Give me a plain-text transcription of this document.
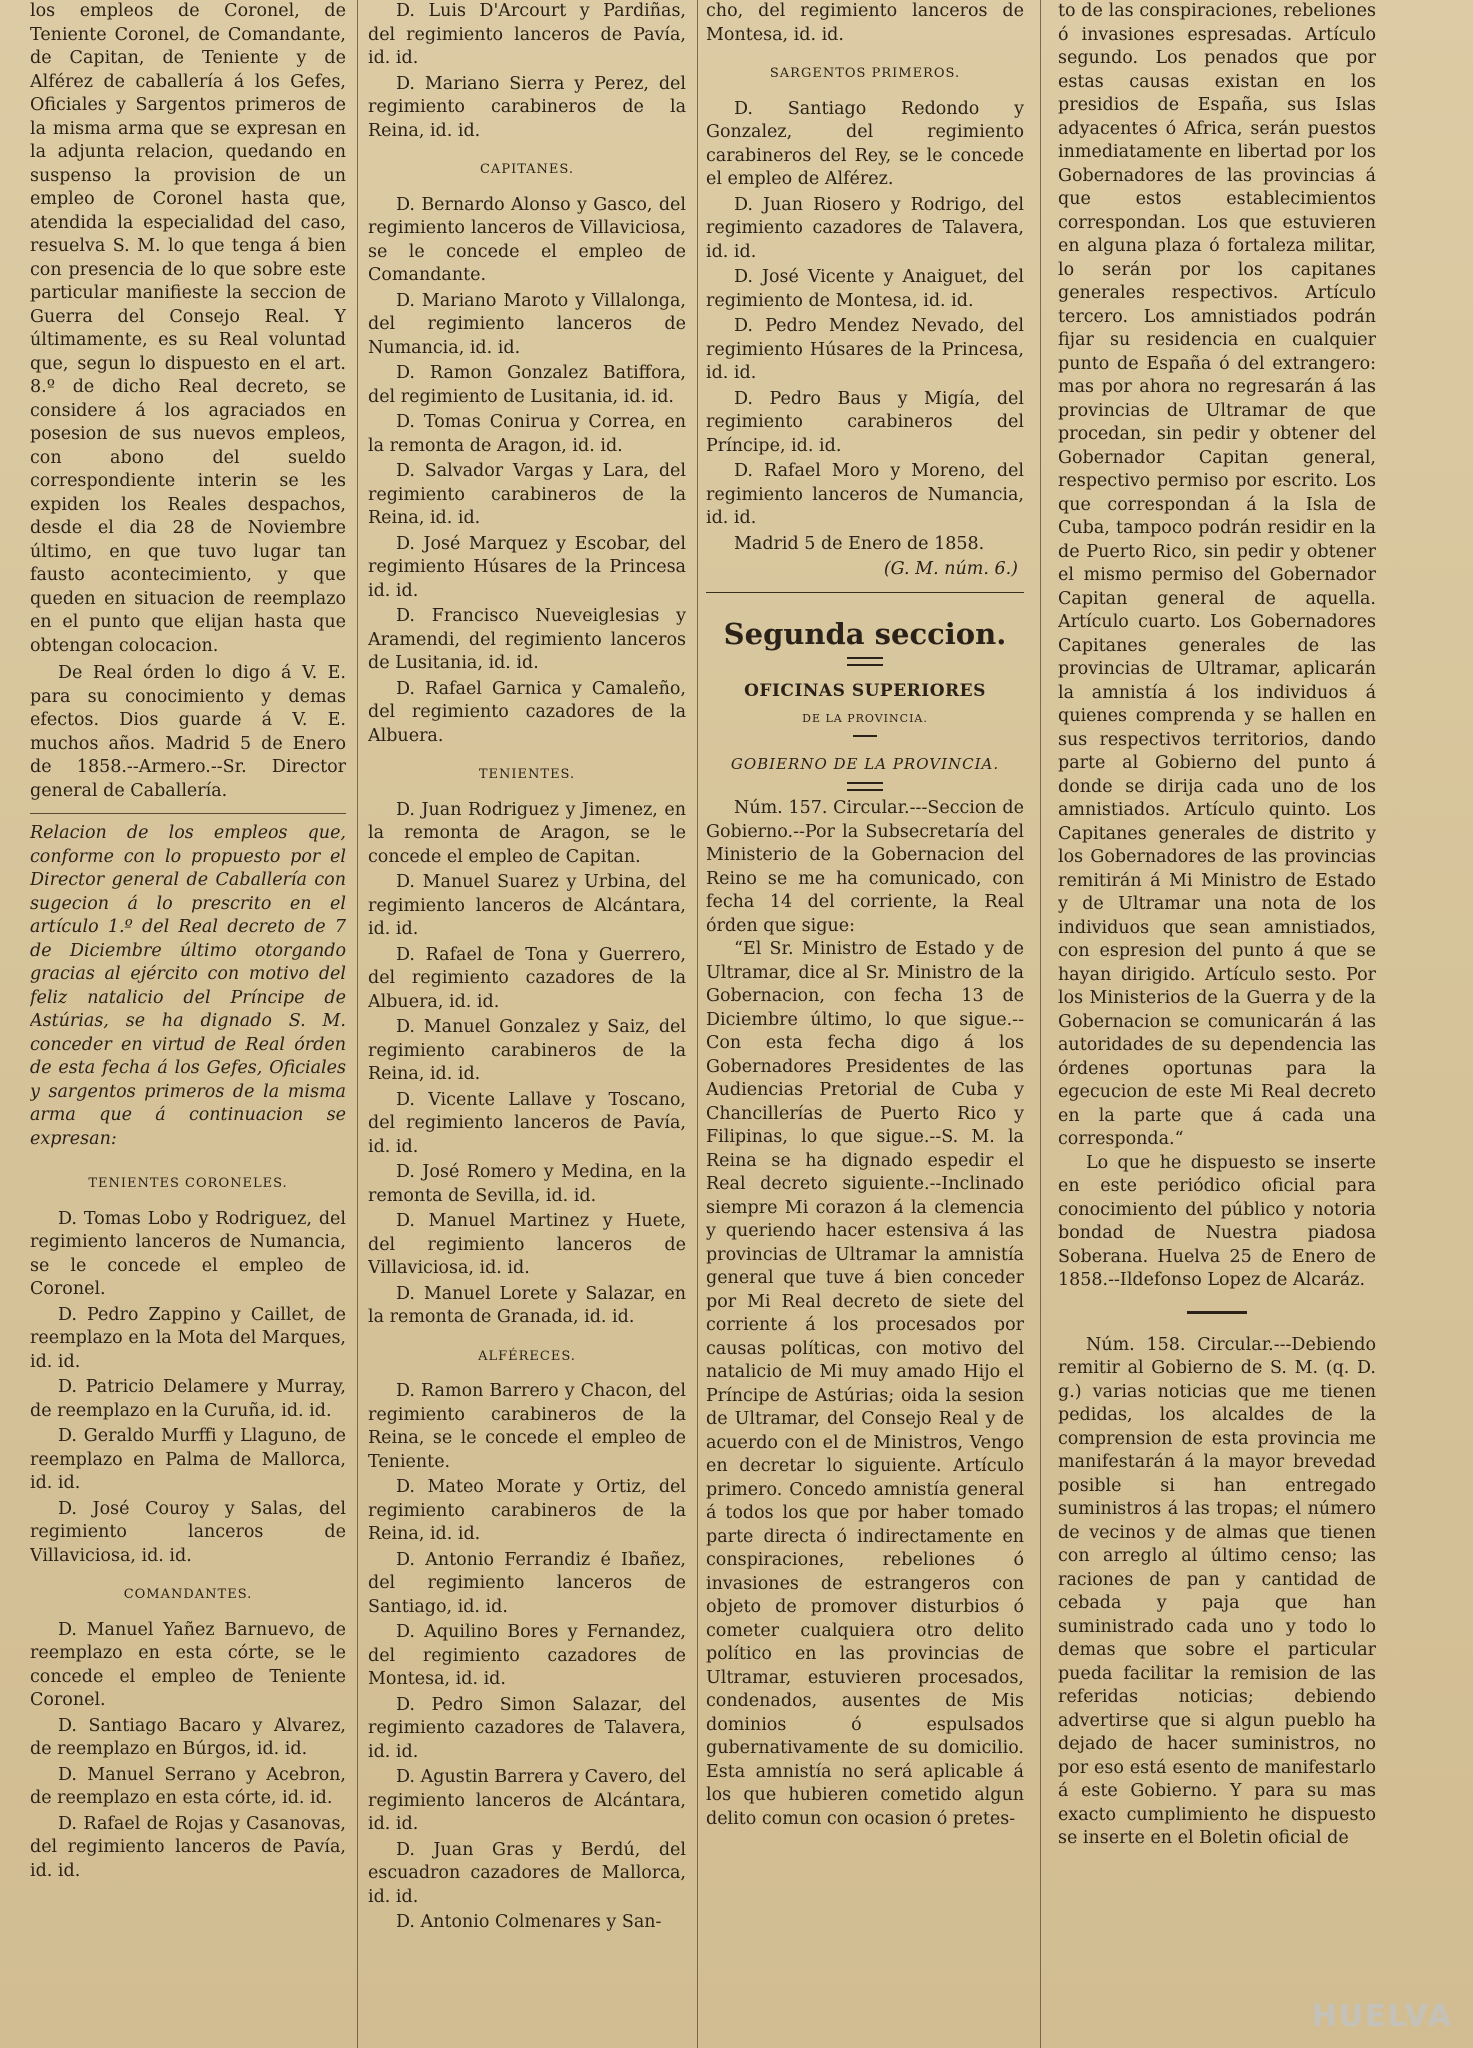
los empleos de Coronel, de Teniente Coronel, de Comandante, de Capitan, de Teniente y de Alférez de caballería á los Gefes, Oficiales y Sargentos primeros de la misma arma que se expresan en la adjunta relacion, quedando en suspenso la provision de un empleo de Coronel hasta que, atendida la especialidad del caso, resuelva S. M. lo que tenga á bien con presencia de lo que sobre este particular manifieste la seccion de Guerra del Consejo Real. Y últimamente, es su Real voluntad que, segun lo dispuesto en el art. 8.º de dicho Real decreto, se considere á los agraciados en posesion de sus nuevos empleos, con abono del sueldo correspondiente interin se les expiden los Reales despachos, desde el dia 28 de Noviembre último, en que tuvo lugar tan fausto acontecimiento, y que queden en situacion de reemplazo en el punto que elijan hasta que obtengan colocacion.

De Real órden lo digo á V. E. para su conocimiento y demas efectos. Dios guarde á V. E. muchos años. Madrid 5 de Enero de 1858.--Armero.--Sr. Director general de Caballería.

Relacion de los empleos que, conforme con lo propuesto por el Director general de Caballería con sugecion á lo prescrito en el artículo 1.º del Real decreto de 7 de Diciembre último otorgando gracias al ejército con motivo del feliz natalicio del Príncipe de Astúrias, se ha dignado S. M. conceder en virtud de Real órden de esta fecha á los Gefes, Oficiales y sargentos primeros de la misma arma que á continuacion se expresan:

TENIENTES CORONELES.

D. Tomas Lobo y Rodriguez, del regimiento lanceros de Numancia, se le concede el empleo de Coronel.

D. Pedro Zappino y Caillet, de reemplazo en la Mota del Marques, id. id.

D. Patricio Delamere y Murray, de reemplazo en la Curuña, id. id.

D. Geraldo Murffi y Llaguno, de reemplazo en Palma de Mallorca, id. id.

D. José Couroy y Salas, del regimiento lanceros de Villaviciosa, id. id.

COMANDANTES.

D. Manuel Yañez Barnuevo, de reemplazo en esta córte, se le concede el empleo de Teniente Coronel.

D. Santiago Bacaro y Alvarez, de reemplazo en Búrgos, id. id.

D. Manuel Serrano y Acebron, de reemplazo en esta córte, id. id.

D. Rafael de Rojas y Casanovas, del regimiento lanceros de Pavía, id. id.

D. Luis D'Arcourt y Pardiñas, del regimiento lanceros de Pavía, id. id.

D. Mariano Sierra y Perez, del regimiento carabineros de la Reina, id. id.

CAPITANES.

D. Bernardo Alonso y Gasco, del regimiento lanceros de Villaviciosa, se le concede el empleo de Comandante.

D. Mariano Maroto y Villalonga, del regimiento lanceros de Numancia, id. id.

D. Ramon Gonzalez Batiffora, del regimiento de Lusitania, id. id.

D. Tomas Conirua y Correa, en la remonta de Aragon, id. id.

D. Salvador Vargas y Lara, del regimiento carabineros de la Reina, id. id.

D. José Marquez y Escobar, del regimiento Húsares de la Princesa id. id.

D. Francisco Nueveiglesias y Aramendi, del regimiento lanceros de Lusitania, id. id.

D. Rafael Garnica y Camaleño, del regimiento cazadores de la Albuera.

TENIENTES.

D. Juan Rodriguez y Jimenez, en la remonta de Aragon, se le concede el empleo de Capitan.

D. Manuel Suarez y Urbina, del regimiento lanceros de Alcántara, id. id.

D. Rafael de Tona y Guerrero, del regimiento cazadores de la Albuera, id. id.

D. Manuel Gonzalez y Saiz, del regimiento carabineros de la Reina, id. id.

D. Vicente Lallave y Toscano, del regimiento lanceros de Pavía, id. id.

D. José Romero y Medina, en la remonta de Sevilla, id. id.

D. Manuel Martinez y Huete, del regimiento lanceros de Villaviciosa, id. id.

D. Manuel Lorete y Salazar, en la remonta de Granada, id. id.

ALFÉRECES.

D. Ramon Barrero y Chacon, del regimiento carabineros de la Reina, se le concede el empleo de Teniente.

D. Mateo Morate y Ortiz, del regimiento carabineros de la Reina, id. id.

D. Antonio Ferrandiz é Ibañez, del regimiento lanceros de Santiago, id. id.

D. Aquilino Bores y Fernandez, del regimiento cazadores de Montesa, id. id.

D. Pedro Simon Salazar, del regimiento cazadores de Talavera, id. id.

D. Agustin Barrera y Cavero, del regimiento lanceros de Alcántara, id. id.

D. Juan Gras y Berdú, del escuadron cazadores de Mallorca, id. id.

D. Antonio Colmenares y San-

cho, del regimiento lanceros de Montesa, id. id.

SARGENTOS PRIMEROS.

D. Santiago Redondo y Gonzalez, del regimiento carabineros del Rey, se le concede el empleo de Alférez.

D. Juan Riosero y Rodrigo, del regimiento cazadores de Talavera, id. id.

D. José Vicente y Anaiguet, del regimiento de Montesa, id. id.

D. Pedro Mendez Nevado, del regimiento Húsares de la Princesa, id. id.

D. Pedro Baus y Migía, del regimiento carabineros del Príncipe, id. id.

D. Rafael Moro y Moreno, del regimiento lanceros de Numancia, id. id.

Madrid 5 de Enero de 1858.

(G. M. núm. 6.)

Segunda seccion.
OFICINAS SUPERIORES
DE LA PROVINCIA.
GOBIERNO DE LA PROVINCIA.

Núm. 157. Circular.---Seccion de Gobierno.--Por la Subsecretaría del Ministerio de la Gobernacion del Reino se me ha comunicado, con fecha 14 del corriente, la Real órden que sigue:

“El Sr. Ministro de Estado y de Ultramar, dice al Sr. Ministro de la Gobernacion, con fecha 13 de Diciembre último, lo que sigue.--Con esta fecha digo á los Gobernadores Presidentes de las Audiencias Pretorial de Cuba y Chancillerías de Puerto Rico y Filipinas, lo que sigue.--S. M. la Reina se ha dignado espedir el Real decreto siguiente.--Inclinado siempre Mi corazon á la clemencia y queriendo hacer estensiva á las provincias de Ultramar la amnistía general que tuve á bien conceder por Mi Real decreto de siete del corriente á los procesados por causas políticas, con motivo del natalicio de Mi muy amado Hijo el Príncipe de Astúrias; oida la sesion de Ultramar, del Consejo Real y de acuerdo con el de Ministros, Vengo en decretar lo siguiente. Artículo primero. Concedo amnistía general á todos los que por haber tomado parte directa ó indirectamente en conspiraciones, rebeliones ó invasiones de estrangeros con objeto de promover disturbios ó cometer cualquiera otro delito político en las provincias de Ultramar, estuvieren procesados, condenados, ausentes de Mis dominios ó espulsados gubernativamente de su domicilio. Esta amnistía no será aplicable á los que hubieren cometido algun delito comun con ocasion ó pretes-

to de las conspiraciones, rebeliones ó invasiones espresadas. Artículo segundo. Los penados que por estas causas existan en los presidios de España, sus Islas adyacentes ó Africa, serán puestos inmediatamente en libertad por los Gobernadores de las provincias á que estos establecimientos correspondan. Los que estuvieren en alguna plaza ó fortaleza militar, lo serán por los capitanes generales respectivos. Artículo tercero. Los amnistiados podrán fijar su residencia en cualquier punto de España ó del extrangero: mas por ahora no regresarán á las provincias de Ultramar de que procedan, sin pedir y obtener del Gobernador Capitan general, respectivo permiso por escrito. Los que correspondan á la Isla de Cuba, tampoco podrán residir en la de Puerto Rico, sin pedir y obtener el mismo permiso del Gobernador Capitan general de aquella. Artículo cuarto. Los Gobernadores Capitanes generales de las provincias de Ultramar, aplicarán la amnistía á los individuos á quienes comprenda y se hallen en sus respectivos territorios, dando parte al Gobierno del punto á donde se dirija cada uno de los amnistiados. Artículo quinto. Los Capitanes generales de distrito y los Gobernadores de las provincias remitirán á Mi Ministro de Estado y de Ultramar una nota de los individuos que sean amnistiados, con espresion del punto á que se hayan dirigido. Artículo sesto. Por los Ministerios de la Guerra y de la Gobernacion se comunicarán á las autoridades de su dependencia las órdenes oportunas para la egecucion de este Mi Real decreto en la parte que á cada una corresponda.“

Lo que he dispuesto se inserte en este periódico oficial para conocimiento del público y notoria bondad de Nuestra piadosa Soberana. Huelva 25 de Enero de 1858.--Ildefonso Lopez de Alcaráz.

Núm. 158. Circular.---Debiendo remitir al Gobierno de S. M. (q. D. g.) varias noticias que me tienen pedidas, los alcaldes de la comprension de esta provincia me manifestarán á la mayor brevedad posible si han entregado suministros á las tropas; el número de vecinos y de almas que tienen con arreglo al último censo; las raciones de pan y cantidad de cebada y paja que han suministrado cada uno y todo lo demas que sobre el particular pueda facilitar la remision de las referidas noticias; debiendo advertirse que si algun pueblo ha dejado de hacer suministros, no por eso está esento de manifestarlo á este Gobierno. Y para su mas exacto cumplimiento he dispuesto se inserte en el Boletin oficial de

HUELVA
